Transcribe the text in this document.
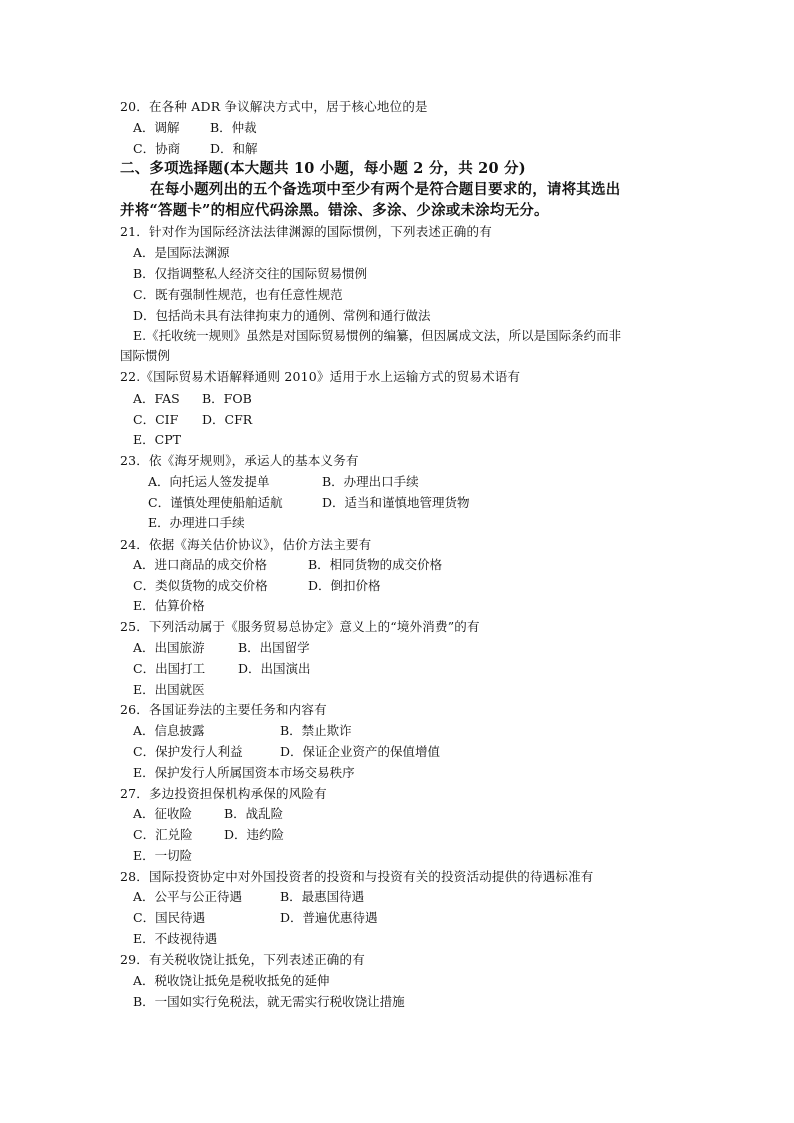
20．在各种 ADR 争议解决方式中，居于核心地位的是
A．调解 B．仲裁
C．协商 D．和解
二、多项选择题(本大题共 10 小题，每小题 2 分，共 20 分)
在每小题列出的五个备选项中至少有两个是符合题目要求的，请将其选出
并将“答题卡”的相应代码涂黑。错涂、多涂、少涂或未涂均无分。
21．针对作为国际经济法法律渊源的国际惯例，下列表述正确的有
A．是国际法渊源
B．仅指调整私人经济交往的国际贸易惯例
C．既有强制性规范，也有任意性规范
D．包括尚未具有法律拘束力的通例、常例和通行做法
E.《托收统一规则》虽然是对国际贸易惯例的编纂，但因属成文法，所以是国际条约而非
国际惯例
22.《国际贸易术语解释通则 2010》适用于水上运输方式的贸易术语有
A．FAS B．FOB
C．CIF D．CFR
E．CPT
23．依《海牙规则》，承运人的基本义务有
A．向托运人签发提单	B．办理出口手续
C．谨慎处理使船舶适航	D．适当和谨慎地管理货物
E．办理进口手续
24．依据《海关估价协议》，估价方法主要有
A．进口商品的成交价格	B．相同货物的成交价格
C．类似货物的成交价格	D．倒扣价格
E．估算价格
25．下列活动属于《服务贸易总协定》意义上的“境外消费”的有
A．出国旅游	B．出国留学
C．出国打工	D．出国演出
E．出国就医
26．各国证券法的主要任务和内容有
A．信息披露	B．禁止欺诈
C．保护发行人利益	D．保证企业资产的保值增值
E．保护发行人所属国资本市场交易秩序
27．多边投资担保机构承保的风险有
A．征收险	B．战乱险
C．汇兑险	D．违约险
E．一切险
28．国际投资协定中对外国投资者的投资和与投资有关的投资活动提供的待遇标准有
A．公平与公正待遇	B．最惠国待遇
C．国民待遇	D．普遍优惠待遇
E．不歧视待遇
29．有关税收饶让抵免，下列表述正确的有
A．税收饶让抵免是税收抵免的延伸
B．一国如实行免税法，就无需实行税收饶让措施
